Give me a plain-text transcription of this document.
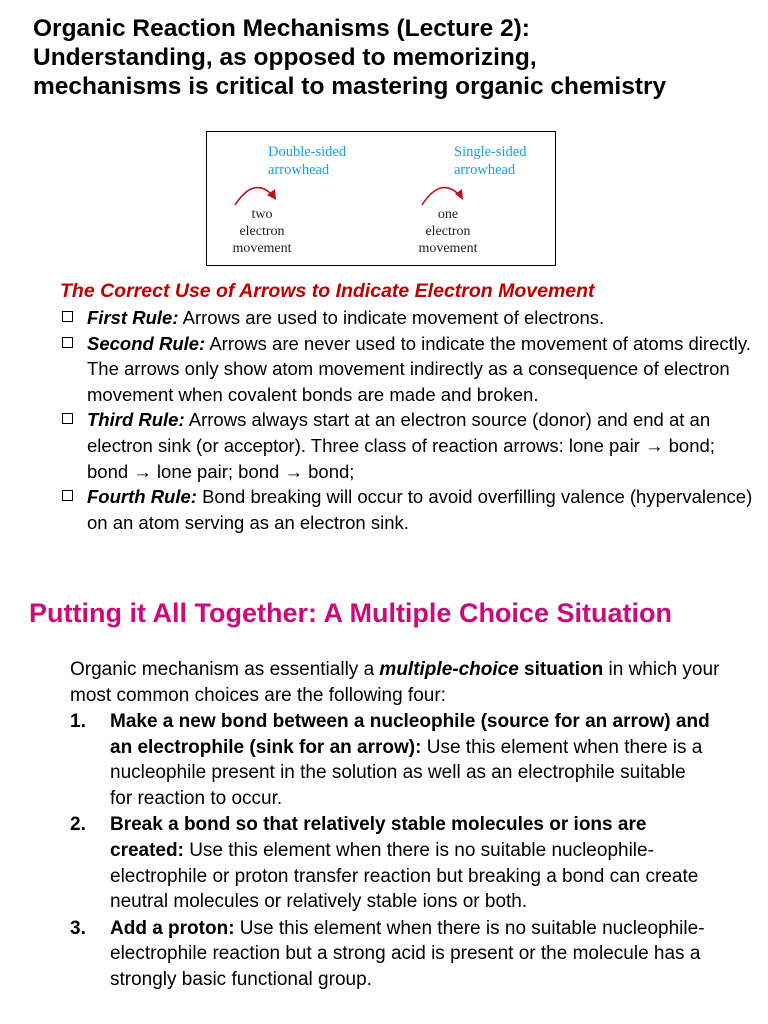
Organic Reaction Mechanisms (Lecture 2):
Understanding, as opposed to memorizing,
mechanisms is critical to mastering organic chemistry
Double-sided
arrowhead
Single-sided
arrowhead
two
electron
movement
one
electron
movement
The Correct Use of Arrows to Indicate Electron Movement
First Rule: Arrows are used to indicate movement of electrons.
Second Rule: Arrows are never used to indicate the movement of atoms directly. The arrows only show atom movement indirectly as a consequence of electron movement when covalent bonds are made and broken.
Third Rule: Arrows always start at an electron source (donor) and end at an electron sink (or acceptor). Three class of reaction arrows: lone pair → bond; bond → lone pair; bond → bond;
Fourth Rule: Bond breaking will occur to avoid overfilling valence (hypervalence) on an atom serving as an electron sink.
Putting it All Together: A Multiple Choice Situation
Organic mechanism as essentially a multiple-choice situation in which your most common choices are the following four:
1. Make a new bond between a nucleophile (source for an arrow) and an electrophile (sink for an arrow): Use this element when there is a nucleophile present in the solution as well as an electrophile suitable for reaction to occur.
2. Break a bond so that relatively stable molecules or ions are created: Use this element when there is no suitable nucleophile-electrophile or proton transfer reaction but breaking a bond can create neutral molecules or relatively stable ions or both.
3. Add a proton: Use this element when there is no suitable nucleophile-electrophile reaction but a strong acid is present or the molecule has a strongly basic functional group.
